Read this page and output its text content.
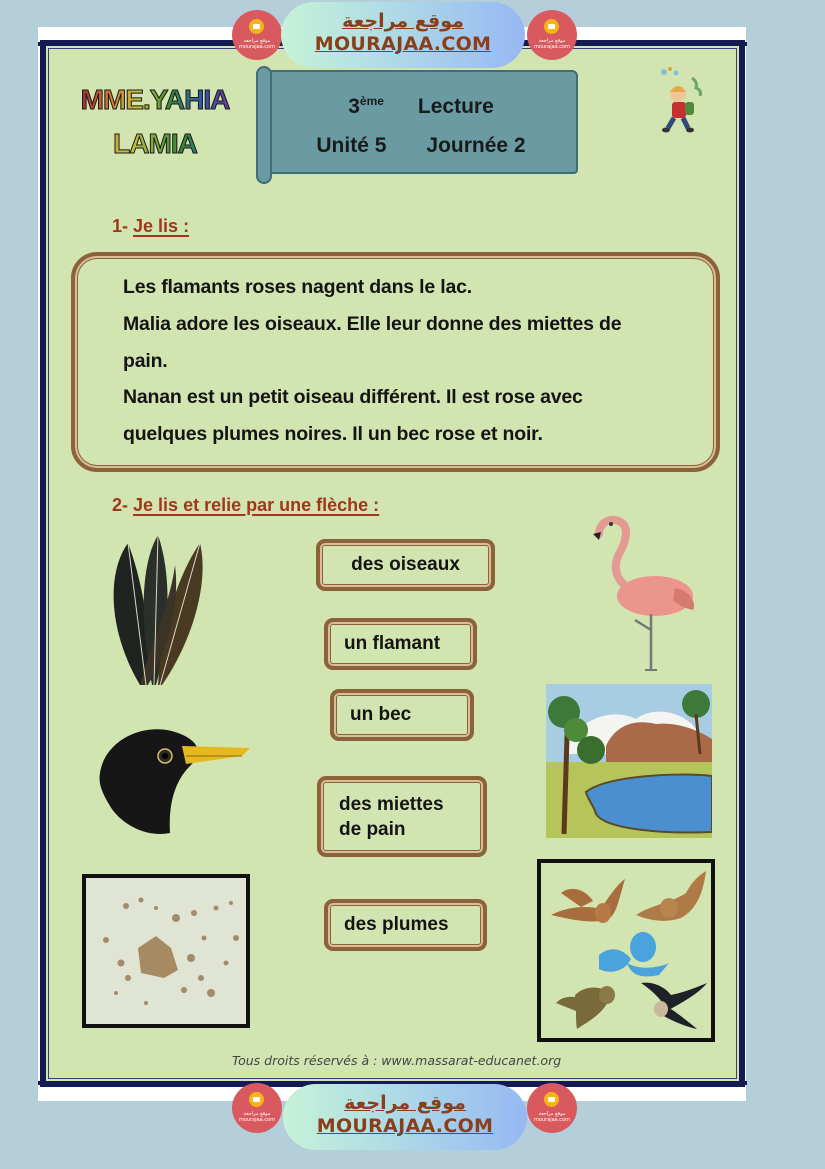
MME.YAHIA
LAMIA
3ème Lecture
Unité 5 Journée 2
1- Je lis :

Les flamants roses nagent dans le lac.

Malia adore les oiseaux. Elle leur donne des miettes de

pain.

Nanan est un petit oiseau différent. Il est rose avec

quelques plumes noires. Il un bec rose et noir.

2- Je lis et relie par une flèche :
des oiseaux
un flamant
un bec
des miettes
de pain
des plumes
Tous droits réservés à : www.massarat-educanet.org
موقع مراجعة
mourajaa.com
موقع مراجعة
MOURAJAA.COM	موقع مراجعة
mourajaa.com
موقع مراجعة
mourajaa.com
موقع مراجعة
MOURAJAA.COM
موقع مراجعة
mourajaa.com
